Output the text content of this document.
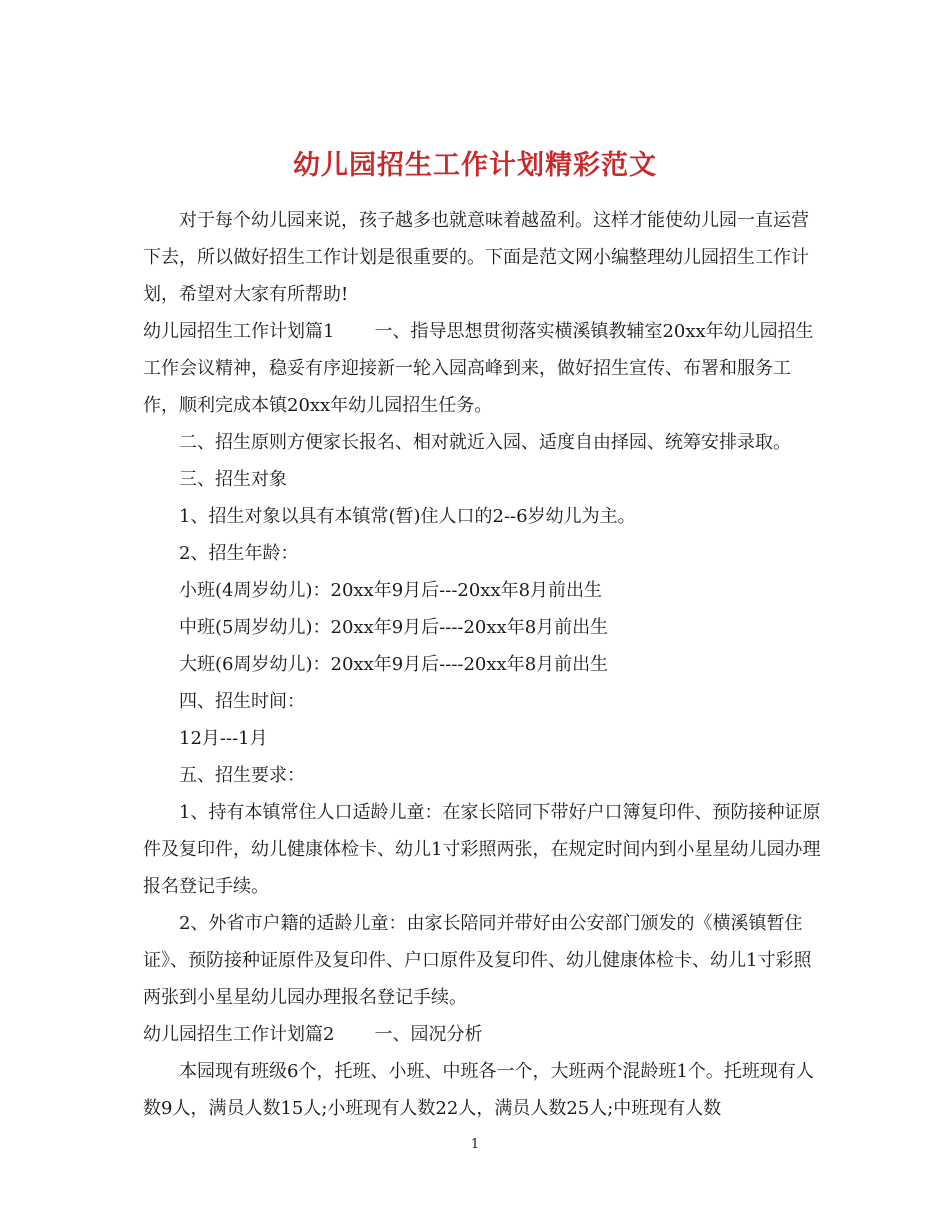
幼儿园招生工作计划精彩范文

对于每个幼儿园来说，孩子越多也就意味着越盈利。这样才能使幼儿园一直运营下去，所以做好招生工作计划是很重要的。下面是范文网小编整理幼儿园招生工作计划，希望对大家有所帮助!

幼儿园招生工作计划篇1 一、指导思想贯彻落实横溪镇教辅室20xx年幼儿园招生工作会议精神，稳妥有序迎接新一轮入园高峰到来，做好招生宣传、布署和服务工作，顺利完成本镇20xx年幼儿园招生任务。

二、招生原则方便家长报名、相对就近入园、适度自由择园、统筹安排录取。

三、招生对象

1、招生对象以具有本镇常(暂)住人口的2--6岁幼儿为主。

2、招生年龄：

小班(4周岁幼儿)：20xx年9月后---20xx年8月前出生

中班(5周岁幼儿)：20xx年9月后----20xx年8月前出生

大班(6周岁幼儿)：20xx年9月后----20xx年8月前出生

四、招生时间：

12月---1月

五、招生要求：

1、持有本镇常住人口适龄儿童：在家长陪同下带好户口簿复印件、预防接种证原件及复印件，幼儿健康体检卡、幼儿1寸彩照两张，在规定时间内到小星星幼儿园办理报名登记手续。

2、外省市户籍的适龄儿童：由家长陪同并带好由公安部门颁发的《横溪镇暂住证》、预防接种证原件及复印件、户口原件及复印件、幼儿健康体检卡、幼儿1寸彩照两张到小星星幼儿园办理报名登记手续。

幼儿园招生工作计划篇2 一、园况分析

本园现有班级6个，托班、小班、中班各一个，大班两个混龄班1个。托班现有人数9人，满员人数15人;小班现有人数22人，满员人数25人;中班现有人数

1
